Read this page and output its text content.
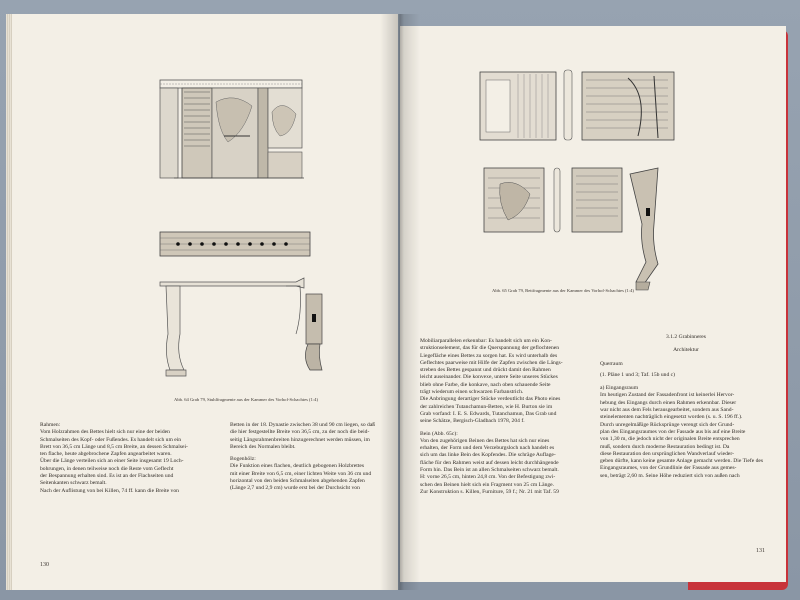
Abb. 64 Grab 79, Stuhlfragmente aus der Kammer des Vorhof-Schachtes (1:4)

Rahmen:

Vom Holzrahmen des Bettes hielt sich nur eine der beiden

Schmalseiten des Kopf- oder Fußendes. Es handelt sich um ein

Brett von 36,5 cm Länge und 8,5 cm Breite, an dessen Schmalsei-

ten flache, heute abgebrochene Zapfen angearbeitet waren.

Über die Länge verteilen sich an einer Seite insgesamt 19 Loch-

bohrungen, in denen teilweise noch die Reste vom Geflecht

der Bespannung erhalten sind. Es ist an der Flachseiten und

Seitenkanten schwarz bemalt.

Nach der Auflistung von bei Killen, 74 ff. kann die Breite von

Betten in der 18. Dynastie zwischen 38 und 90 cm liegen, so daß

die hier festgestellte Breite von 36,5 cm, zu der noch die beid-

seitig Längsrahmenbreiten hinzugerechnet werden müssen, im

Bereich des Normalen bleibt.

Bogenhölz:

Die Funktion eines flachen, deutlich gebogenen Holzbrettes

mit einer Breite von 6,5 cm, einer lichten Weite von 36 cm und

horizontal von den beiden Schmalseiten abgehenden Zapfen

(Länge 2,7 und 2,9 cm) wurde erst bei der Durchsicht von

130
Abb. 65 Grab 79, Bettfragmente aus der Kammer des Vorhof-Schachtes (1:4)

Mobiliarparallelen erkennbar: Es handelt sich um ein Kon-

struktionselement, das für die Querspannung der geflochtenen

Liegefläche eines Bettes zu sorgen hat. Es wird unterhalb des

Geflechtes paarweise mit Hilfe der Zapfen zwischen die Längs-

streben des Bettes gespannt und drückt damit den Rahmen

leicht auseinander. Die konvexe, untere Seite unseres Stückes

blieb ohne Farbe, die konkave, nach oben schauende Seite

trägt wiederum einen schwarzen Farbanstrich.

Die Anbringung derartiger Stücke verdeutlicht das Photo eines

der zahlreichen Tutanchamun-Betten, wie H. Burton sie im

Grab vorfand: I. E. S. Edwards, Tutanchamun, Das Grab und

seine Schätze, Bergisch-Gladbach 1978, 204 f.

Bein (Abb. 65c):

Von den zugehörigen Beinen des Bettes hat sich nur eines

erhalten, der Form und dem Verzeburgsloch nach handelt es

sich um das linke Bein des Kopfendes. Die schräge Auflage-

fläche für den Rahmen weist auf dessen leicht durchhängende

Form hin. Das Bein ist an allen Schmalseiten schwarz bemalt.

H: vorne 26,5 cm, hinten 24,8 cm. Von der Befestigung zwi-

schen den Beinen hielt sich ein Fragment von 25 cm Länge.

Zur Konstruktion s. Killen, Furniture, 59 f.; Nr. 21 mit Taf. 59

3.1.2 Grabinneres

Architektur

Querraum

(1. Pläne 1 und 3; Taf. 15b und c)

a) Eingangsraum

Im heutigen Zustand der Fassadenfront ist keinerlei Hervor-

hebung des Eingangs durch einen Rahmen erkennbar. Dieser

war nicht aus dem Fels herausgearbeitet, sondern aus Sand-

steinelementen nachträglich eingesetzt worden (s. u. S. 196 ff.).

Durch unregelmäßige Rücksprünge verengt sich der Grund-

plan des Eingangsraumes von der Fassade aus bis auf eine Breite

von 1,30 m, die jedoch nicht der originalen Breite entsprechen

muß, sondern durch moderne Restauration bedingt ist. Da

diese Restauration den ursprünglichen Wandverlauf wieder-

geben dürfte, kann keine gesamte Anlage gemacht werden. Die Tiefe des

Eingangsraumes, von der Grundlinie der Fassade aus gemes-

sen, beträgt 2,60 m. Seine Höhe reduziert sich von außen nach

131
